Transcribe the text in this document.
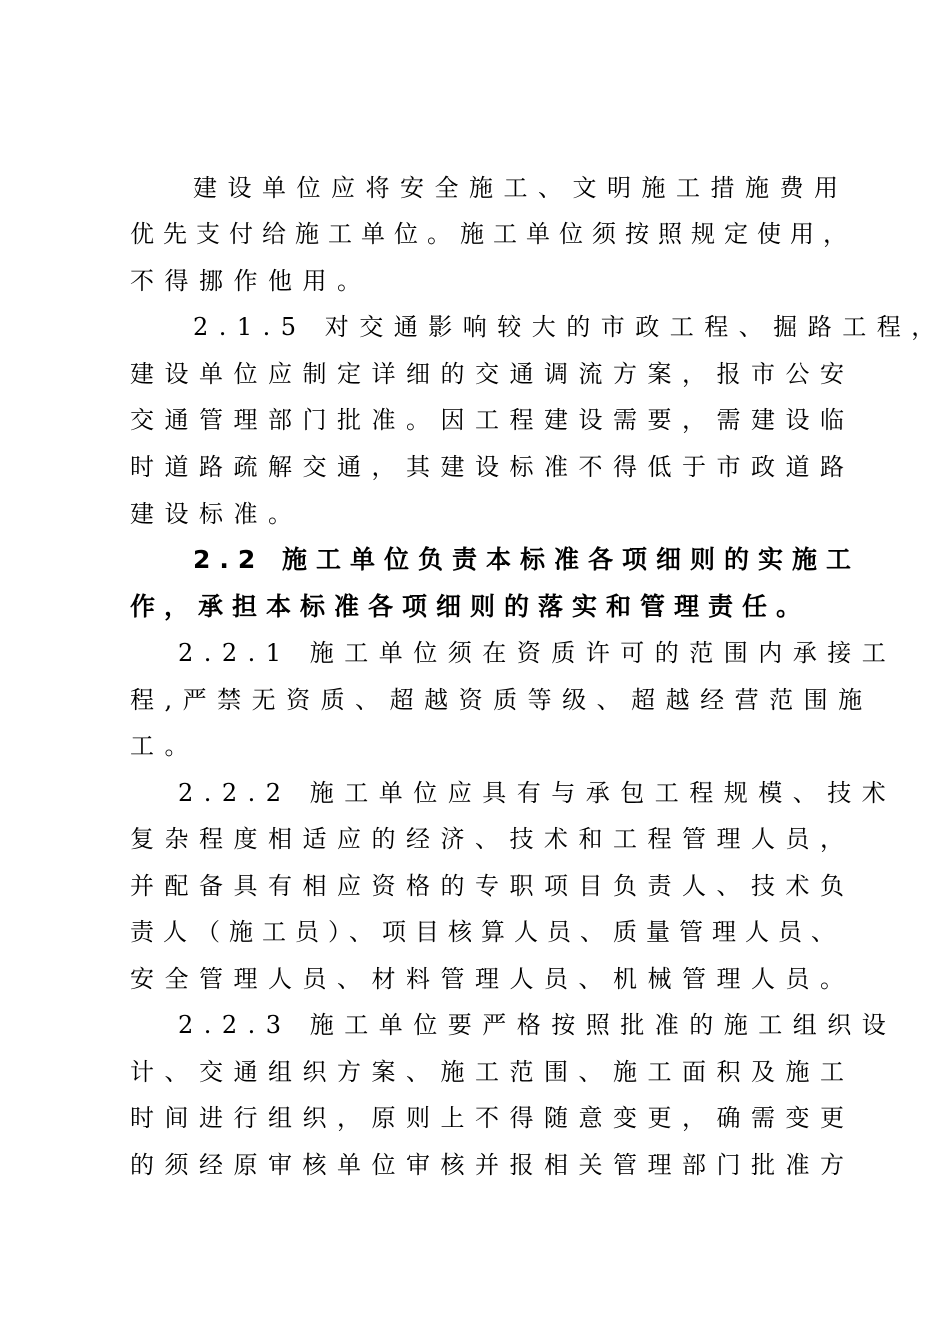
建设单位应将安全施工、文明施工措施费用
优先支付给施工单位。施工单位须按照规定使用，
不得挪作他用。
2.1.5 对交通影响较大的市政工程、掘路工程，
建设单位应制定详细的交通调流方案，报市公安
交通管理部门批准。因工程建设需要，需建设临
时道路疏解交通，其建设标准不得低于市政道路
建设标准。
2.2 施工单位负责本标准各项细则的实施工
作，承担本标准各项细则的落实和管理责任。
2.2.1 施工单位须在资质许可的范围内承接工
程,严禁无资质、超越资质等级、超越经营范围施
工。
2.2.2 施工单位应具有与承包工程规模、技术
复杂程度相适应的经济、技术和工程管理人员，
并配备具有相应资格的专职项目负责人、技术负
责人（施工员）、项目核算人员、质量管理人员、
安全管理人员、材料管理人员、机械管理人员。
2.2.3 施工单位要严格按照批准的施工组织设
计、交通组织方案、施工范围、施工面积及施工
时间进行组织，原则上不得随意变更，确需变更
的须经原审核单位审核并报相关管理部门批准方
